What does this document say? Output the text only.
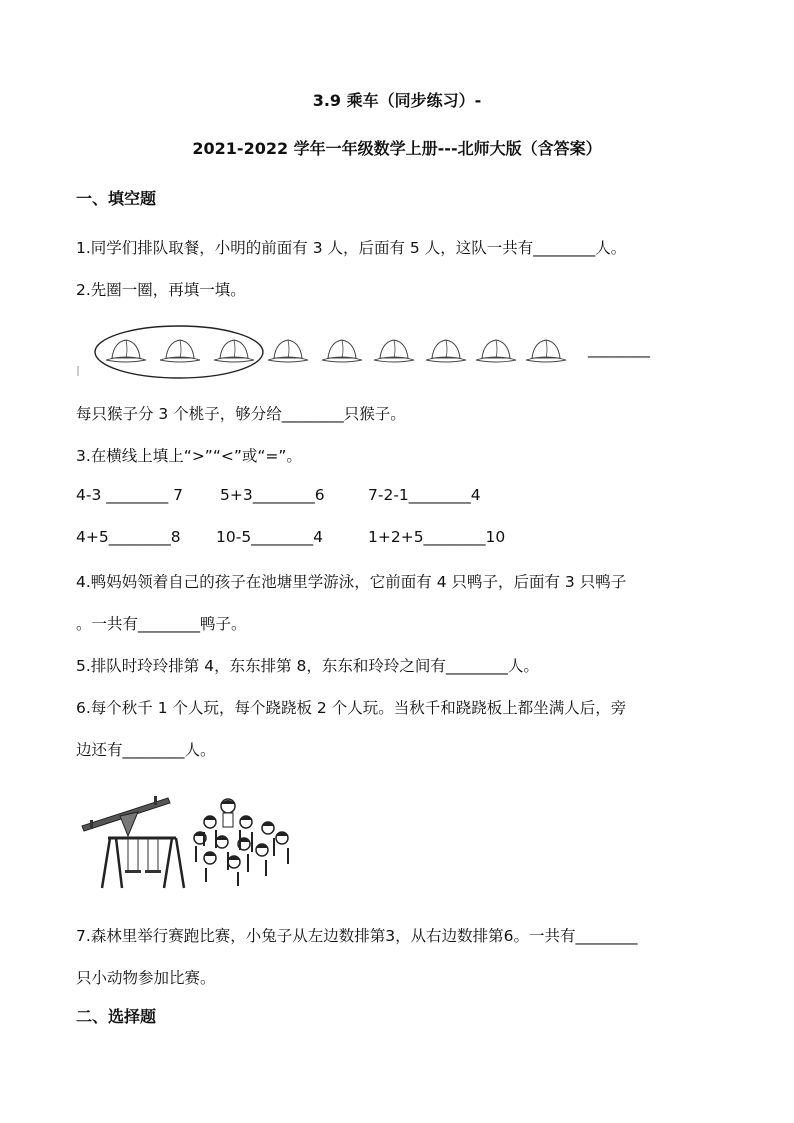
3.9 乘车（同步练习）-
2021-2022 学年一年级数学上册---北师大版（含答案）
一、填空题
1.同学们排队取餐，小明的前面有 3 人，后面有 5 人，这队一共有________人。
2.先圈一圈，再填一填。
________
每只猴子分 3 个桃子，够分给________只猴子。
3.在横线上填上“>”“<”或“=”。
4-3 ________ 7 5+3________6	7-2-1________4
4+5________8 10-5________4	1+2+5________10
4.鸭妈妈领着自己的孩子在池塘里学游泳，它前面有 4 只鸭子，后面有 3 只鸭子
。一共有________鸭子。
5.排队时玲玲排第 4，东东排第 8，东东和玲玲之间有________人。
6.每个秋千 1 个人玩，每个跷跷板 2 个人玩。当秋千和跷跷板上都坐满人后，旁
边还有________人。
7.森林里举行赛跑比赛，小兔子从左边数排第3，从右边数排第6。一共有________
只小动物参加比赛。
二、选择题
